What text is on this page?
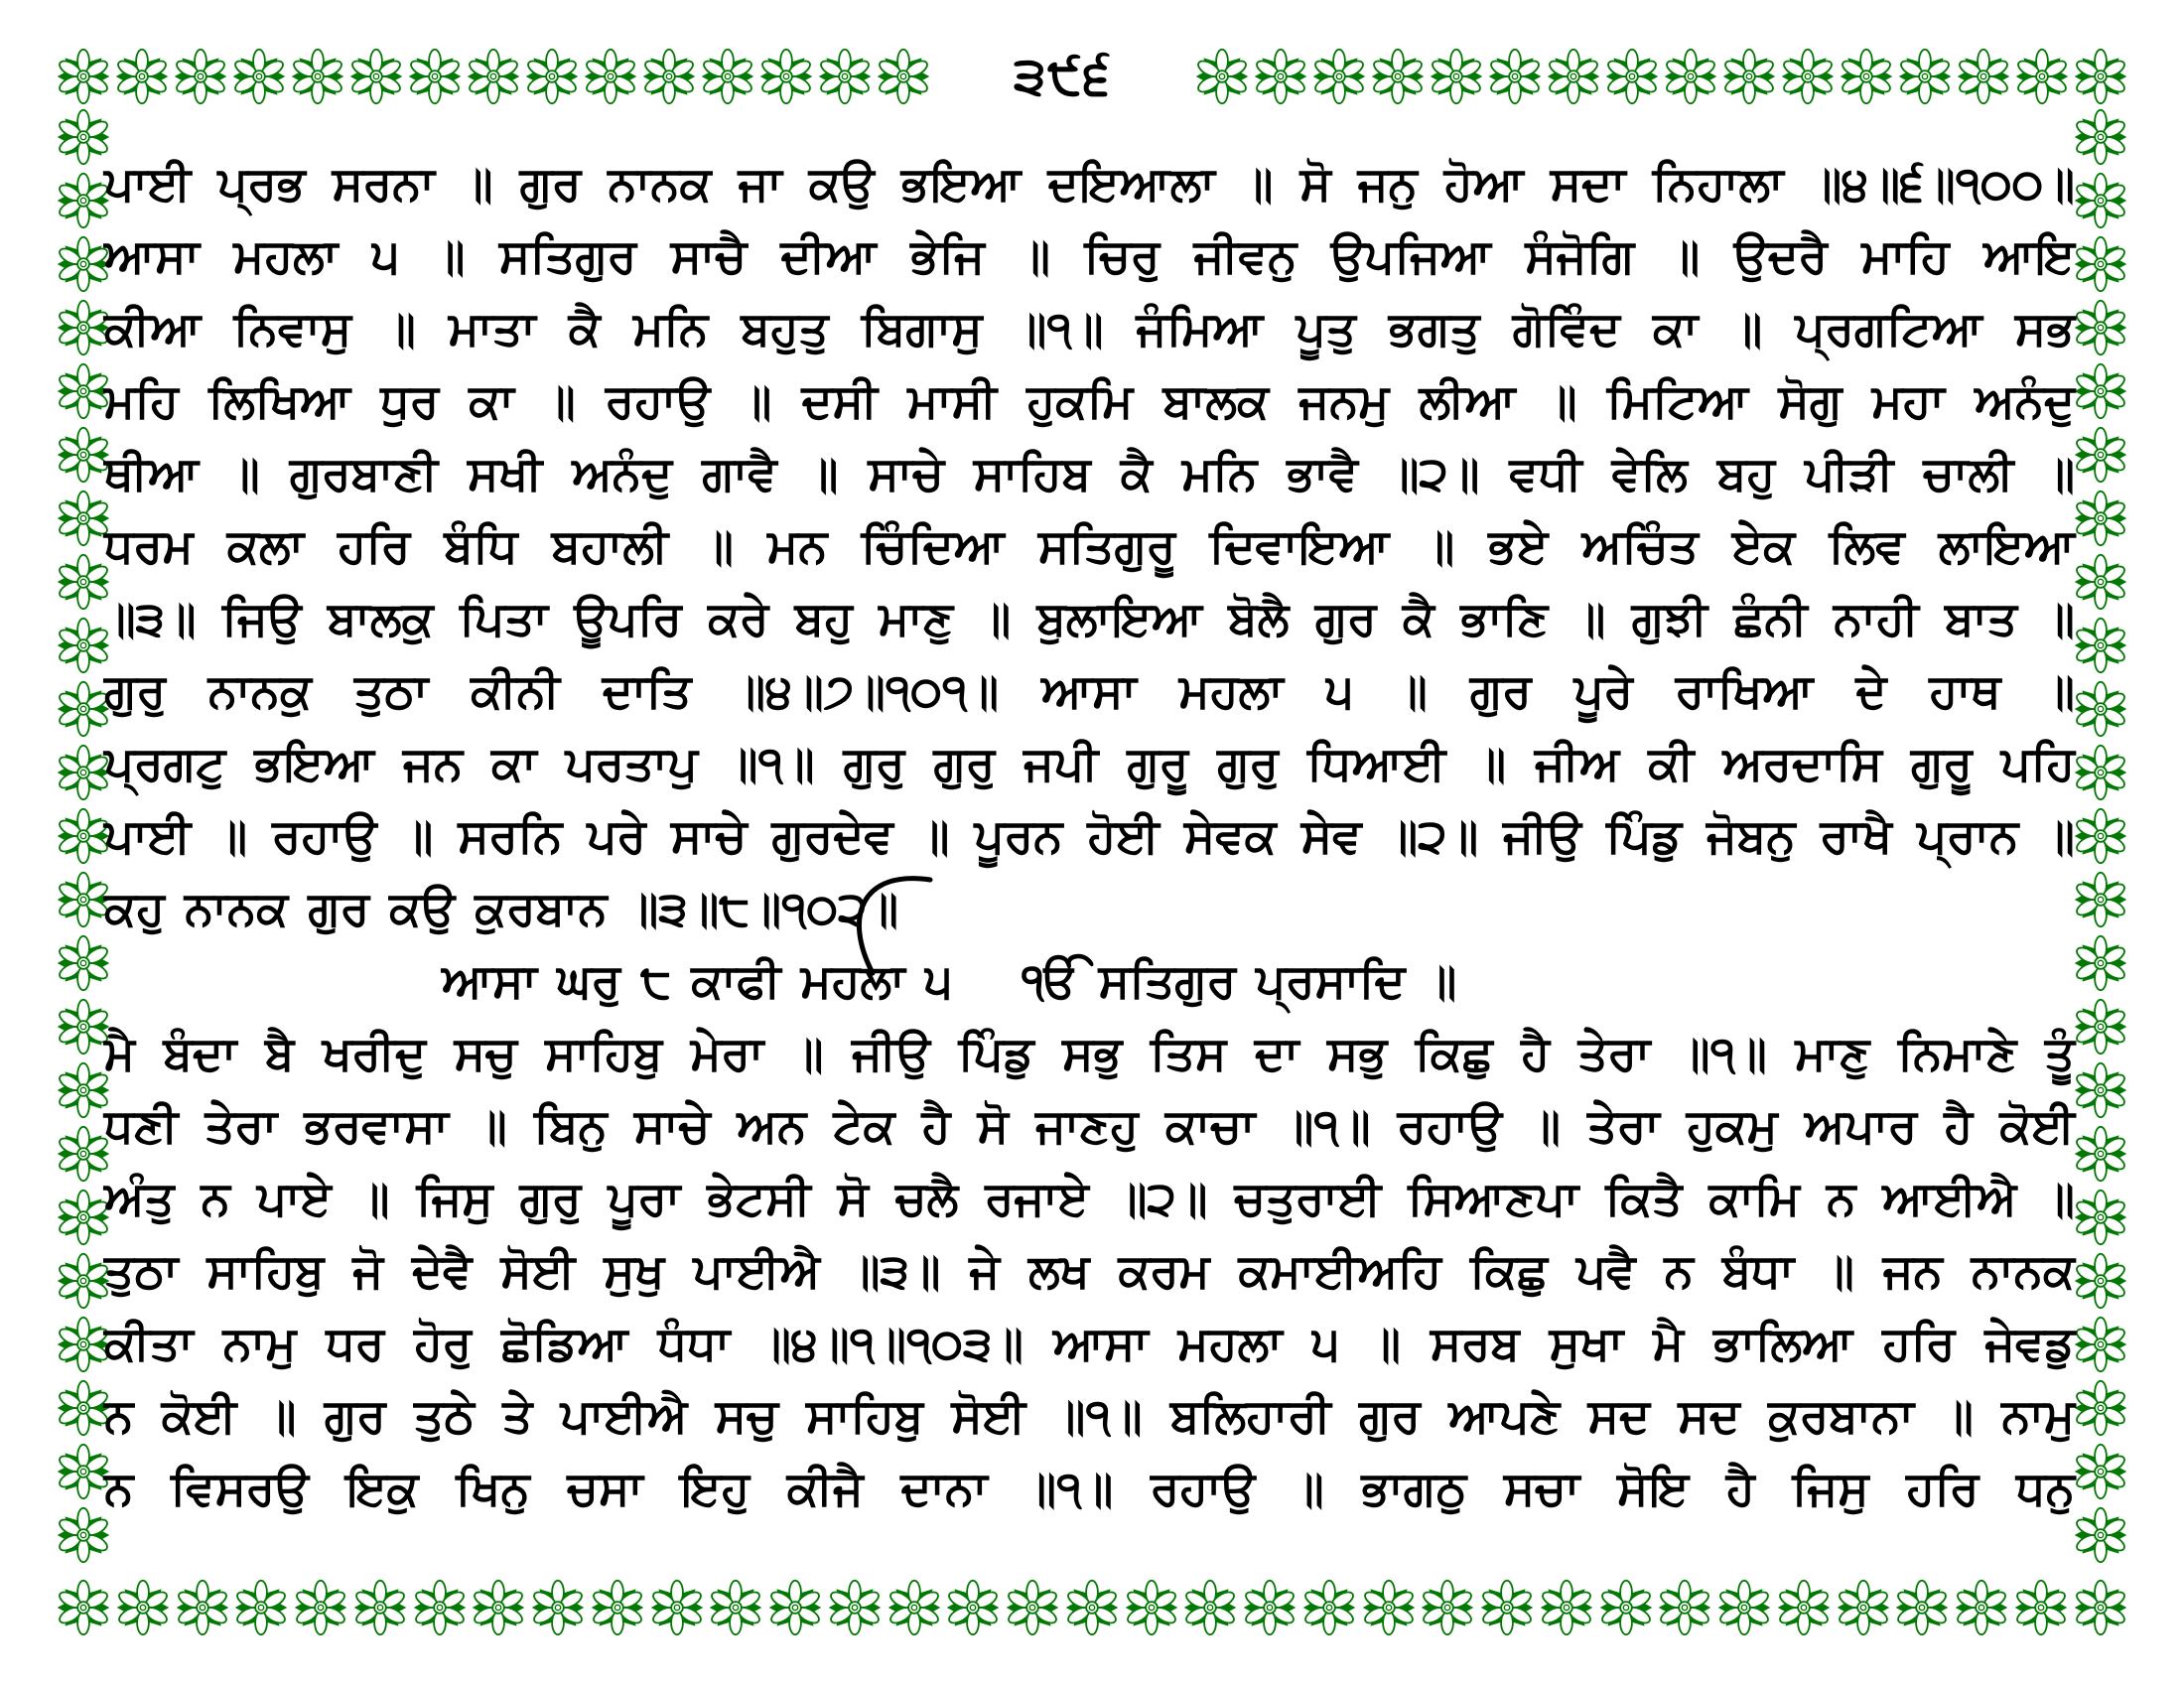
੩੯੬
ਪਾਈ ਪ੍ਰਭ ਸਰਨਾ ॥ ਗੁਰ ਨਾਨਕ ਜਾ ਕਉ ਭਇਆ ਦਇਆਲਾ ॥ ਸੋ ਜਨੁ ਹੋਆ ਸਦਾ ਨਿਹਾਲਾ ॥੪॥੬॥੧੦੦॥
ਆਸਾ ਮਹਲਾ ੫ ॥ ਸਤਿਗੁਰ ਸਾਚੈ ਦੀਆ ਭੇਜਿ ॥ ਚਿਰੁ ਜੀਵਨੁ ਉਪਜਿਆ ਸੰਜੋਗਿ ॥ ਉਦਰੈ ਮਾਹਿ ਆਇ
ਕੀਆ ਨਿਵਾਸੁ ॥ ਮਾਤਾ ਕੈ ਮਨਿ ਬਹੁਤੁ ਬਿਗਾਸੁ ॥੧॥ ਜੰਮਿਆ ਪੂਤੁ ਭਗਤੁ ਗੋਵਿੰਦ ਕਾ ॥ ਪ੍ਰਗਟਿਆ ਸਭ
ਮਹਿ ਲਿਖਿਆ ਧੁਰ ਕਾ ॥ ਰਹਾਉ ॥ ਦਸੀ ਮਾਸੀ ਹੁਕਮਿ ਬਾਲਕ ਜਨਮੁ ਲੀਆ ॥ ਮਿਟਿਆ ਸੋਗੁ ਮਹਾ ਅਨੰਦੁ
ਥੀਆ ॥ ਗੁਰਬਾਣੀ ਸਖੀ ਅਨੰਦੁ ਗਾਵੈ ॥ ਸਾਚੇ ਸਾਹਿਬ ਕੈ ਮਨਿ ਭਾਵੈ ॥੨॥ ਵਧੀ ਵੇਲਿ ਬਹੁ ਪੀੜੀ ਚਾਲੀ ॥
ਧਰਮ ਕਲਾ ਹਰਿ ਬੰਧਿ ਬਹਾਲੀ ॥ ਮਨ ਚਿੰਦਿਆ ਸਤਿਗੁਰੂ ਦਿਵਾਇਆ ॥ ਭਏ ਅਚਿੰਤ ਏਕ ਲਿਵ ਲਾਇਆ
॥੩॥ ਜਿਉ ਬਾਲਕੁ ਪਿਤਾ ਊਪਰਿ ਕਰੇ ਬਹੁ ਮਾਣੁ ॥ ਬੁਲਾਇਆ ਬੋਲੈ ਗੁਰ ਕੈ ਭਾਣਿ ॥ ਗੁਝੀ ਛੰਨੀ ਨਾਹੀ ਬਾਤ ॥
ਗੁਰੁ ਨਾਨਕੁ ਤੁਠਾ ਕੀਨੀ ਦਾਤਿ ॥੪॥੭॥੧੦੧॥ ਆਸਾ ਮਹਲਾ ੫ ॥ ਗੁਰ ਪੂਰੇ ਰਾਖਿਆ ਦੇ ਹਾਥ ॥
ਪ੍ਰਗਟੁ ਭਇਆ ਜਨ ਕਾ ਪਰਤਾਪੁ ॥੧॥ ਗੁਰੁ ਗੁਰੁ ਜਪੀ ਗੁਰੂ ਗੁਰੁ ਧਿਆਈ ॥ ਜੀਅ ਕੀ ਅਰਦਾਸਿ ਗੁਰੂ ਪਹਿ
ਪਾਈ ॥ ਰਹਾਉ ॥ ਸਰਨਿ ਪਰੇ ਸਾਚੇ ਗੁਰਦੇਵ ॥ ਪੂਰਨ ਹੋਈ ਸੇਵਕ ਸੇਵ ॥੨॥ ਜੀਉ ਪਿੰਡੁ ਜੋਬਨੁ ਰਾਖੈ ਪ੍ਰਾਨ ॥
ਕਹੁ ਨਾਨਕ ਗੁਰ ਕਉ ਕੁਰਬਾਨ ॥੩॥੮॥੧੦੨॥
ਆਸਾ ਘਰੁ ੮ ਕਾਫੀ ਮਹਲਾ ੫ ੴ ਸਤਿਗੁਰ ਪ੍ਰਸਾਦਿ ॥
ਮੈ ਬੰਦਾ ਬੈ ਖਰੀਦੁ ਸਚੁ ਸਾਹਿਬੁ ਮੇਰਾ ॥ ਜੀਉ ਪਿੰਡੁ ਸਭੁ ਤਿਸ ਦਾ ਸਭੁ ਕਿਛੁ ਹੈ ਤੇਰਾ ॥੧॥ ਮਾਣੁ ਨਿਮਾਣੇ ਤੂੰ
ਧਣੀ ਤੇਰਾ ਭਰਵਾਸਾ ॥ ਬਿਨੁ ਸਾਚੇ ਅਨ ਟੇਕ ਹੈ ਸੋ ਜਾਣਹੁ ਕਾਚਾ ॥੧॥ ਰਹਾਉ ॥ ਤੇਰਾ ਹੁਕਮੁ ਅਪਾਰ ਹੈ ਕੋਈ
ਅੰਤੁ ਨ ਪਾਏ ॥ ਜਿਸੁ ਗੁਰੁ ਪੂਰਾ ਭੇਟਸੀ ਸੋ ਚਲੈ ਰਜਾਏ ॥੨॥ ਚਤੁਰਾਈ ਸਿਆਣਪਾ ਕਿਤੈ ਕਾਮਿ ਨ ਆਈਐ ॥
ਤੁਠਾ ਸਾਹਿਬੁ ਜੋ ਦੇਵੈ ਸੋਈ ਸੁਖੁ ਪਾਈਐ ॥੩॥ ਜੇ ਲਖ ਕਰਮ ਕਮਾਈਅਹਿ ਕਿਛੁ ਪਵੈ ਨ ਬੰਧਾ ॥ ਜਨ ਨਾਨਕ
ਕੀਤਾ ਨਾਮੁ ਧਰ ਹੋਰੁ ਛੋਡਿਆ ਧੰਧਾ ॥੪॥੧॥੧੦੩॥ ਆਸਾ ਮਹਲਾ ੫ ॥ ਸਰਬ ਸੁਖਾ ਮੈ ਭਾਲਿਆ ਹਰਿ ਜੇਵਡੁ
ਨ ਕੋਈ ॥ ਗੁਰ ਤੁਠੇ ਤੇ ਪਾਈਐ ਸਚੁ ਸਾਹਿਬੁ ਸੋਈ ॥੧॥ ਬਲਿਹਾਰੀ ਗੁਰ ਆਪਣੇ ਸਦ ਸਦ ਕੁਰਬਾਨਾ ॥ ਨਾਮੁ
ਨ ਵਿਸਰਉ ਇਕੁ ਖਿਨੁ ਚਸਾ ਇਹੁ ਕੀਜੈ ਦਾਨਾ ॥੧॥ ਰਹਾਉ ॥ ਭਾਗਠੁ ਸਚਾ ਸੋਇ ਹੈ ਜਿਸੁ ਹਰਿ ਧਨੁ
